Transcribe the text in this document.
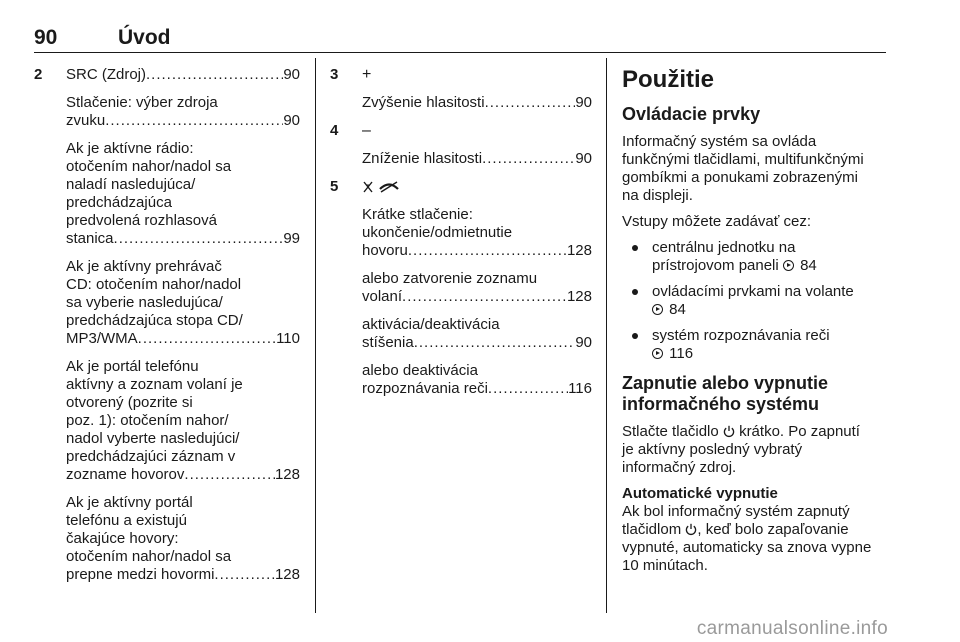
90	Úvod
2 SRC (Zdroj) .....	90
Stlačenie: výber zdroja
zvuku .....	90
Ak je aktívne rádio:
otočením nahor/nadol sa
naladí nasledujúca/
predchádzajúca
predvolená rozhlasová
stanica .....	99
Ak je aktívny prehrávač
CD: otočením nahor/nadol
sa vyberie nasledujúca/
predchádzajúca stopa CD/
MP3/WMA .....	110
Ak je portál telefónu
aktívny a zoznam volaní je
otvorený (pozrite si
poz. 1): otočením nahor/
nadol vyberte nasledujúci/
predchádzajúci záznam v
zozname hovorov .....	128
Ak je aktívny portál
telefónu a existujú
čakajúce hovory:
otočením nahor/nadol sa
prepne medzi hovormi .....	128
3 +
Zvýšenie hlasitosti .....	90
4 –
Zníženie hlasitosti .....	90
5

Krátke stlačenie:
ukončenie/odmietnutie
hovoru .....	128
alebo zatvorenie zoznamu
volaní .....	128
aktivácia/deaktivácia
stíšenia .....	90
alebo deaktivácia
rozpoznávania reči .....	116
Použitie
Ovládacie prvky
Informačný systém sa ovláda
funkčnými tlačidlami, multifunkčnými
gombíkmi a ponukami zobrazenými
na displeji.
Vstupy môžete zadávať cez:
centrálnu jednotku na
prístrojovom paneli 84
ovládacími prvkami na volante
84
systém rozpoznávania reči
116
Zapnutie alebo vypnutie
informačného systému
Stlačte tlačidlo krátko. Po zapnutí
je aktívny posledný vybratý
informačný zdroj.
Automatické vypnutie
Ak bol informačný systém zapnutý
tlačidlom , keď bolo zapaľovanie
vypnuté, automaticky sa znova vypne
10 minútach.
carmanualsonline.info
